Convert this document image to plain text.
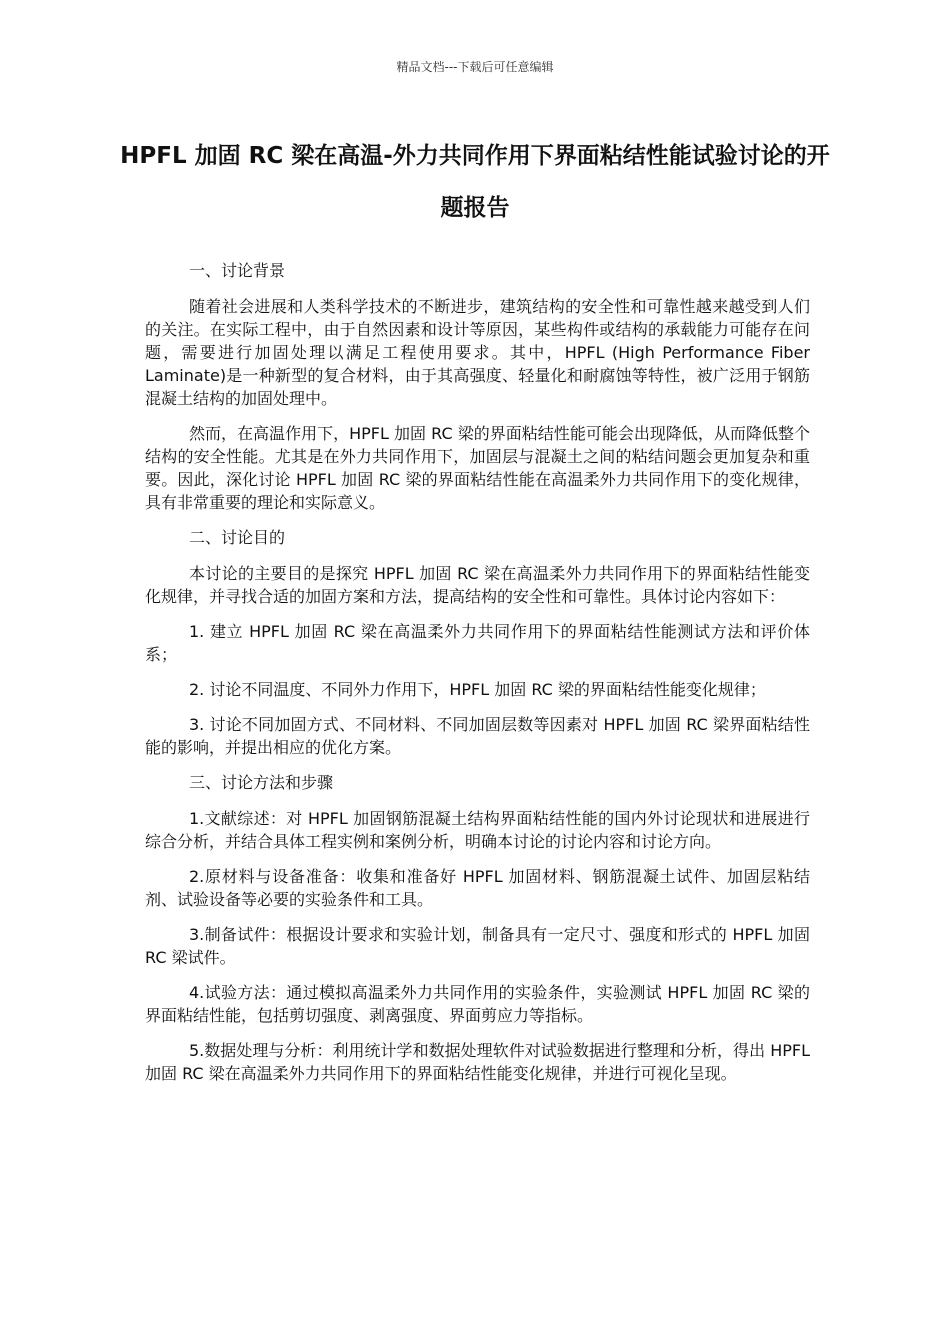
精品文档---下载后可任意编辑
HPFL 加固 RC 梁在高温-外力共同作用下界面粘结性能试验讨论的开题报告

一、讨论背景

随着社会进展和人类科学技术的不断进步，建筑结构的安全性和可靠性越来越受到人们的关注。在实际工程中，由于自然因素和设计等原因，某些构件或结构的承载能力可能存在问题，需要进行加固处理以满足工程使用要求。其中，HPFL (High Performance Fiber Laminate)是一种新型的复合材料，由于其高强度、轻量化和耐腐蚀等特性，被广泛用于钢筋混凝土结构的加固处理中。

然而，在高温作用下，HPFL 加固 RC 梁的界面粘结性能可能会出现降低，从而降低整个结构的安全性能。尤其是在外力共同作用下，加固层与混凝土之间的粘结问题会更加复杂和重要。因此，深化讨论 HPFL 加固 RC 梁的界面粘结性能在高温柔外力共同作用下的变化规律，具有非常重要的理论和实际意义。

二、讨论目的

本讨论的主要目的是探究 HPFL 加固 RC 梁在高温柔外力共同作用下的界面粘结性能变化规律，并寻找合适的加固方案和方法，提高结构的安全性和可靠性。具体讨论内容如下：

1. 建立 HPFL 加固 RC 梁在高温柔外力共同作用下的界面粘结性能测试方法和评价体系；

2. 讨论不同温度、不同外力作用下，HPFL 加固 RC 梁的界面粘结性能变化规律；

3. 讨论不同加固方式、不同材料、不同加固层数等因素对 HPFL 加固 RC 梁界面粘结性能的影响，并提出相应的优化方案。

三、讨论方法和步骤

1.文献综述：对 HPFL 加固钢筋混凝土结构界面粘结性能的国内外讨论现状和进展进行综合分析，并结合具体工程实例和案例分析，明确本讨论的讨论内容和讨论方向。

2.原材料与设备准备：收集和准备好 HPFL 加固材料、钢筋混凝土试件、加固层粘结剂、试验设备等必要的实验条件和工具。

3.制备试件：根据设计要求和实验计划，制备具有一定尺寸、强度和形式的 HPFL 加固 RC 梁试件。

4.试验方法：通过模拟高温柔外力共同作用的实验条件，实验测试 HPFL 加固 RC 梁的界面粘结性能，包括剪切强度、剥离强度、界面剪应力等指标。

5.数据处理与分析：利用统计学和数据处理软件对试验数据进行整理和分析，得出 HPFL 加固 RC 梁在高温柔外力共同作用下的界面粘结性能变化规律，并进行可视化呈现。
